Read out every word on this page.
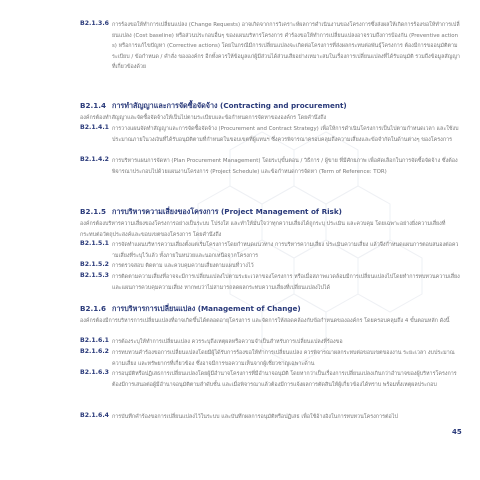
B2.1.3.6 การร้องขอให้ทำการเปลี่ยนแปลง (Change Requests) อาจเกิดจากการวิเคราะห์ผลการดำเนินงานของโครงการซึ่งส่งผลให้เกิดการร้องขอให้ทำการเปลี่ยนแปลง (Cost baseline) หรือส่วนประกอบอื่นๆ ของแผนบริหารโครงการ คำร้องขอให้ทำการเปลี่ยนแปลงอาจรวมถึงการป้องกัน (Preventive actions) หรือการแก้ไขปัญหา (Corrective actions) โดยในกรณีมีการเปลี่ยนแปลงจะเกิดต่อโครงการที่ส่งผลกระทบต่อพันธุ์โครงการ ต้องมีการขออนุมัติตาม ระเบียบ / ข้อกำหนด / คำสั่ง ขององค์กร อีกทั้งควรให้ข้อมูลแก่ผู้มีส่วนได้ส่วนเสียอย่างเหมาะสมในเรื่องการเปลี่ยนแปลงที่ได้รับอนุมัติ รวมถึงข้อมูลสัญญาที่เกี่ยวข้องด้วย
B2.1.4 การทำสัญญาและการจัดซื้อจัดจ้าง (Contracting and procurement)
องค์กรต้องทำสัญญาและจัดซื้อจัดจ้างให้เป็นไปตามระเบียบและข้อกำหนดการจัดหาขององค์กร โดยคำนึงถึง
B2.1.4.1 การวางแผนจัดทำสัญญาและการจัดซื้อจัดจ้าง (Procurement and Contract Strategy) เพื่อให้การดำเนินโครงการเป็นไปตามกำหนดเวลา และใช้งบประมาณภายในวงเงินที่ได้รับอนุมัติตามที่กำหนดในขอบเขตที่ผู้แทนฯ ซึ่งควรพิจารณาครอบคลุมถึงความเสี่ยงและข้อจำกัดในด้านต่างๆ ของโครงการ
B2.1.4.2 การบริหารแผนการจัดหา (Plan Procurement Management) โดยระบุขั้นตอน / วิธีการ / ผู้ขาย ที่มีศักยภาพ เพื่อคัดเลือกในการจัดซื้อจัดจ้าง ซึ่งต้องพิจารณาประกอบไปด้วยแผนงานโครงการ (Project Schedule) และข้อกำหนดการจัดหา (Term of Reference: TOR)
B2.1.5 การบริหารความเสี่ยงของโครงการ (Project Management of Risk)
องค์กรต้องบริหารความเสี่ยงของโครงการอย่างเป็นระบบ โปร่งใส และทำให้มั่นใจว่าทุกความเสี่ยงได้ถูกระบุ ประเมิน และควบคุม โดยเฉพาะอย่างยิ่งความเสี่ยงที่กระทบต่อวัตถุประสงค์และขอบเขตของโครงการ โดยคำนึงถึง
B2.1.5.1 การจัดทำแผนบริหารความเสี่ยงตั้งแต่เริ่มโครงการโดยกำหนดแนวทาง การบริหารความเสี่ยง ประเมินความเสี่ยง แล้วจึงกำหนดแผนการตอบสนองต่อความเสี่ยงที่ระบุไว้แล้ว ทั้งภายในหน่วยและนอกเหนือจากโครงการ
B2.1.5.2 การตรวจสอบ ติดตาม และควบคุมความเสี่ยงตามแผนที่วางไว้
B2.1.5.3 การติดตามความเสี่ยงที่อาจจะมีการเปลี่ยนแปลงไปตามระยะเวลาของโครงการ หรือเมื่อสภาพแวดล้อมมีการเปลี่ยนแปลงไปโดยทำการทบทวนความเสี่ยงและแผนการควบคุมความเสี่ยง หากพบว่าไม่สามารถลดผลกระทบความเสี่ยงที่เปลี่ยนแปลงไปได้
B2.1.6 การบริหารการเปลี่ยนแปลง (Management of Change)
องค์กรต้องมีการบริหารการเปลี่ยนแปลงที่อาจเกิดขึ้นได้ตลอดอายุโครงการ และจัดการให้สอดคล้องกับข้อกำหนดขององค์กร โดยครอบคลุมถึง 4 ขั้นตอนหลัก ดังนี้
B2.1.6.1 การต้องระบุให้ทำการเปลี่ยนแปลง ควรระบุถึงเหตุผลหรือความจำเป็นสำหรับการเปลี่ยนแปลงที่ร้องขอ
B2.1.6.2 การทบทวนคำร้องขอการเปลี่ยนแปลงโดยมีผู้ได้รับการร้องขอให้ทำการเปลี่ยนแปลง ควรพิจารณาผลกระทบต่อขอบเขตของงาน ระยะเวลา งบประมาณ ความเสี่ยง และทรัพยากรที่เกี่ยวข้อง ซึ่งอาจมีการขอความเห็นจากผู้เชี่ยวชาญเฉพาะด้าน
B2.1.6.3 การอนุมัติหรือปฏิเสธการเปลี่ยนแปลงโดยผู้มีอำนาจโครงการที่มีอำนาจอนุมัติ โดยหากว่าเป็นเรื่องการเปลี่ยนแปลงเกินกว่าอำนาจของผู้บริหารโครงการ ต้องมีการเสนอต่อผู้มีอำนาจอนุมัติตามลำดับชั้น และเมื่อพิจารณาแล้วต้องมีการแจ้งผลการตัดสินให้ผู้เกี่ยวข้องได้ทราบ พร้อมทั้งเหตุผลประกอบ
B2.1.6.4 การบันทึกคำร้องขอการเปลี่ยนแปลงไว้ในระบบ และบันทึกผลการอนุมัติหรือปฏิเสธ เพื่อใช้อ้างอิงในการทบทวนโครงการต่อไป
45
